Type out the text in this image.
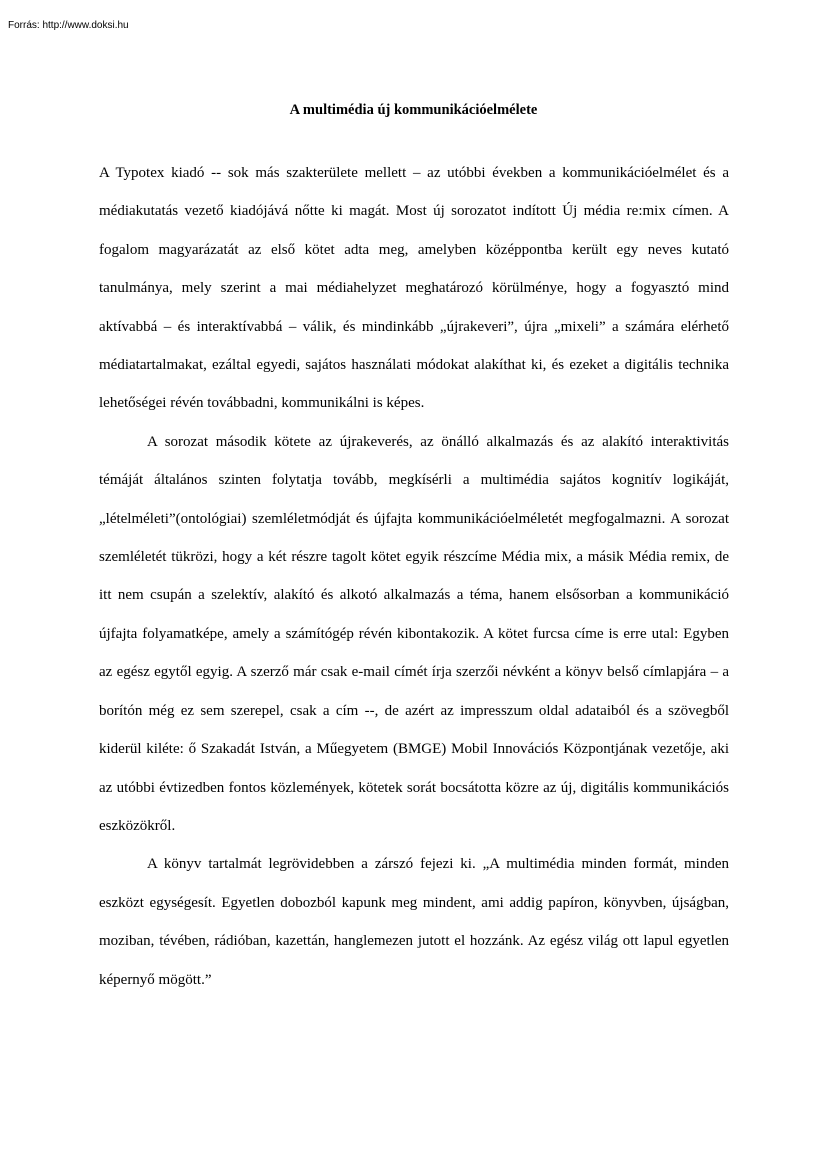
Forrás: http://www.doksi.hu
A multimédia új kommunikációelmélete

A Typotex kiadó -- sok más szakterülete mellett – az utóbbi években a kommunikációelmélet és a médiakutatás vezető kiadójává nőtte ki magát. Most új sorozatot indított Új média re:mix címen. A fogalom magyarázatát az első kötet adta meg, amelyben középpontba került egy neves kutató tanulmánya, mely szerint a mai médiahelyzet meghatározó körülménye, hogy a fogyasztó mind aktívabbá – és interaktívabbá – válik, és mindinkább „újrakeveri”, újra „mixeli” a számára elérhető médiatartalmakat, ezáltal egyedi, sajátos használati módokat alakíthat ki, és ezeket a digitális technika lehetőségei révén továbbadni, kommunikálni is képes.

A sorozat második kötete az újrakeverés, az önálló alkalmazás és az alakító interaktivitás témáját általános szinten folytatja tovább, megkísérli a multimédia sajátos kognitív logikáját, „lételméleti”(ontológiai) szemléletmódját és újfajta kommunikációelméletét megfogalmazni. A sorozat szemléletét tükrözi, hogy a két részre tagolt kötet egyik részcíme Média mix, a másik Média remix, de itt nem csupán a szelektív, alakító és alkotó alkalmazás a téma, hanem elsősorban a kommunikáció újfajta folyamatképe, amely a számítógép révén kibontakozik. A kötet furcsa címe is erre utal: Egyben az egész egytől egyig. A szerző már csak e-mail címét írja szerzői névként a könyv belső címlapjára – a borítón még ez sem szerepel, csak a cím --, de azért az impresszum oldal adataiból és a szövegből kiderül kiléte: ő Szakadát István, a Műegyetem (BMGE) Mobil Innovációs Központjának vezetője, aki az utóbbi évtizedben fontos közlemények, kötetek sorát bocsátotta közre az új, digitális kommunikációs eszközökről.

A könyv tartalmát legrövidebben a zárszó fejezi ki. „A multimédia minden formát, minden eszközt egységesít. Egyetlen dobozból kapunk meg mindent, ami addig papíron, könyvben, újságban, moziban, tévében, rádióban, kazettán, hanglemezen jutott el hozzánk. Az egész világ ott lapul egyetlen képernyő mögött.”
